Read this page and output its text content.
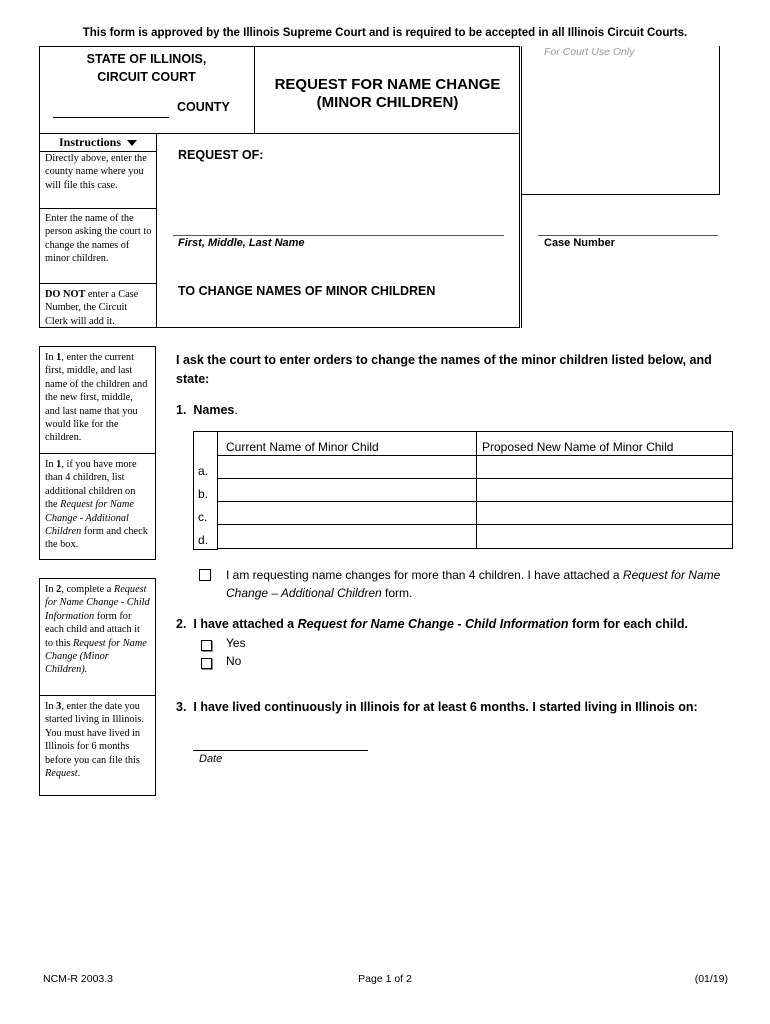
This form is approved by the Illinois Supreme Court and is required to be accepted in all Illinois Circuit Courts.
STATE OF ILLINOIS,
CIRCUIT COURT
COUNTY
REQUEST FOR NAME CHANGE
(MINOR CHILDREN)
For Court Use Only
REQUEST OF:
First, Middle, Last Name	Case Number
TO CHANGE NAMES OF MINOR CHILDREN
Instructions
Directly above, enter the county name where you will file this case.
Enter the name of the person asking the court to change the names of minor children.
DO NOT enter a Case Number, the Circuit Clerk will add it.
In 1, enter the current first, middle, and last name of the children and the new first, middle, and last name that you would like for the children.
In 1, if you have more than 4 children, list additional children on the Request for Name Change - Additional Children form and check the box.
In 2, complete a Request for Name Change - Child Information form for each child and attach it to this Request for Name Change (Minor Children).
In 3, enter the date you started living in Illinois. You must have lived in Illinois for 6 months before you can file this Request.
I ask the court to enter orders to change the names of the minor children listed below, and state:
1. Names.
Current Name of Minor Child	Proposed New Name of Minor Child
a.
b.
c.
d.
I am requesting name changes for more than 4 children. I have attached a Request for Name Change – Additional Children form.
2. I have attached a Request for Name Change - Child Information form for each child.
Yes
No
3. I have lived continuously in Illinois for at least 6 months. I started living in Illinois on:
Date
NCM-R 2003.3	Page 1 of 2	(01/19)
